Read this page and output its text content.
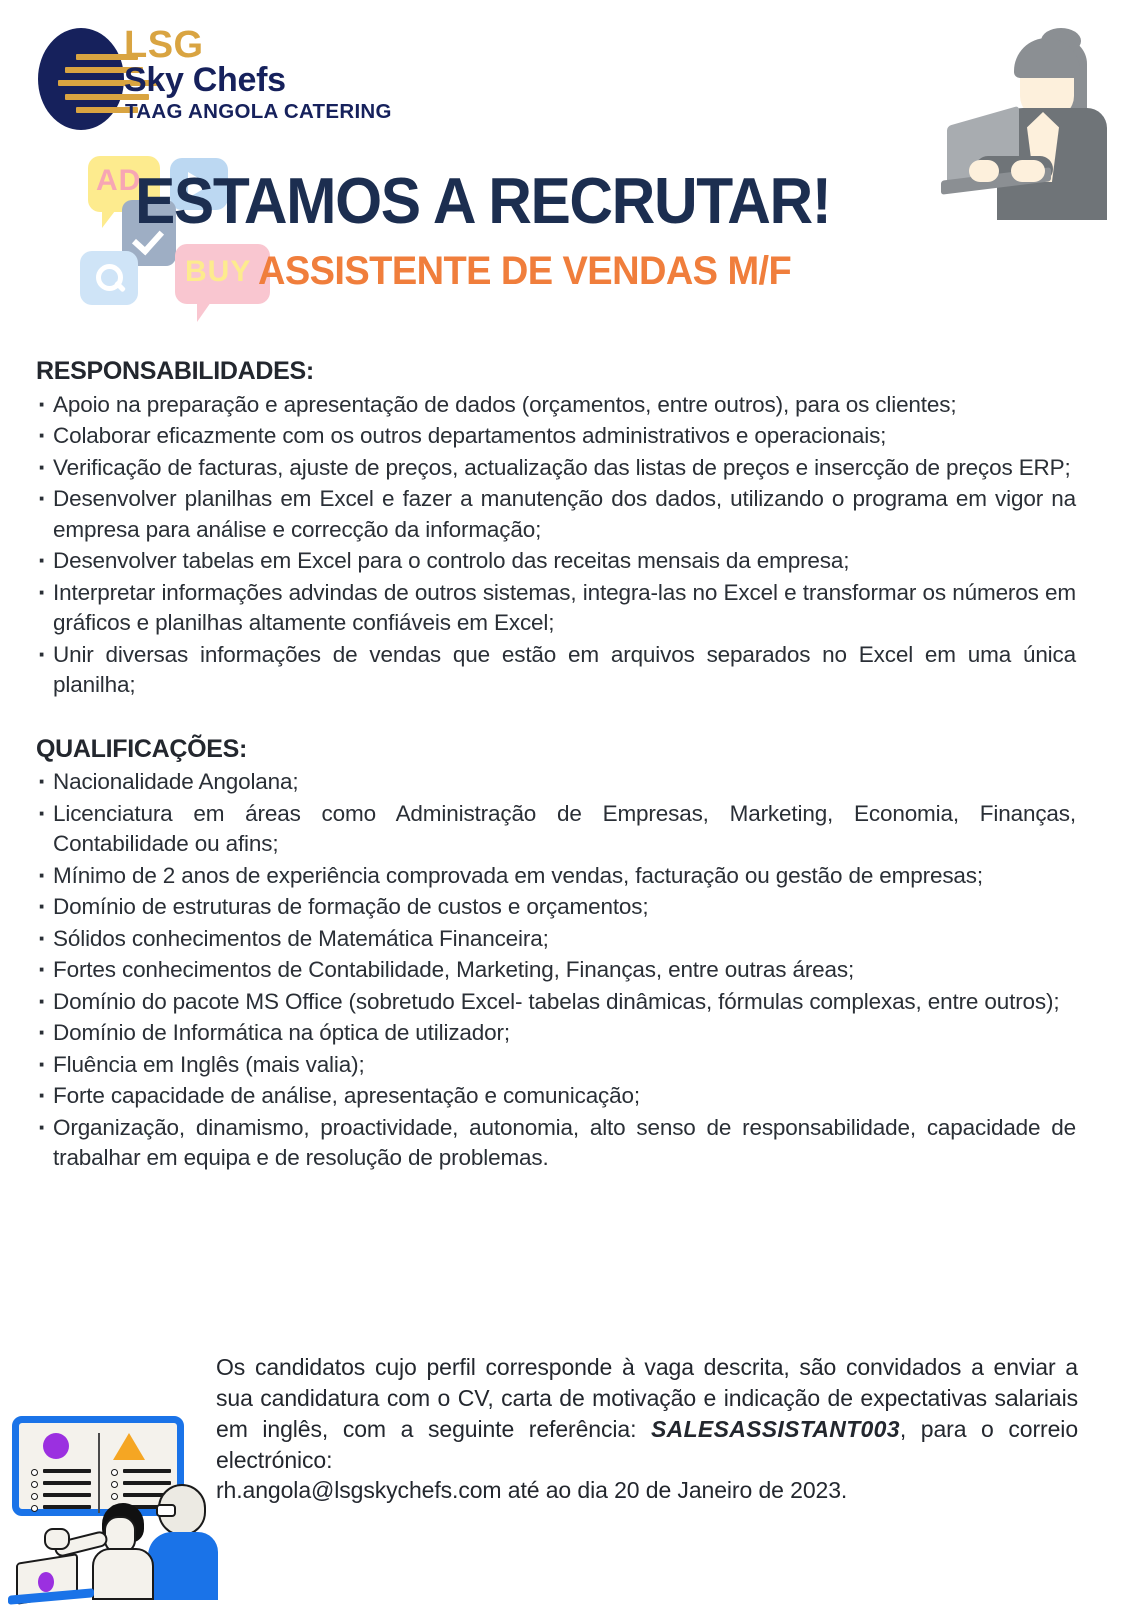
LSG
Sky Chefs
TAAG ANGOLA CATERING
AD
BUY
ESTAMOS A RECRUTAR!
ASSISTENTE DE VENDAS M/F
RESPONSABILIDADES:
· Apoio na preparação e apresentação de dados (orçamentos, entre outros), para os clientes;
· Colaborar eficazmente com os outros departamentos administrativos e operacionais;
· Verificação de facturas, ajuste de preços, actualização das listas de preços e insercção de preços ERP;
· Desenvolver planilhas em Excel e fazer a manutenção dos dados, utilizando o programa em vigor na empresa para análise e correcção da informação;
· Desenvolver tabelas em Excel para o controlo das receitas mensais da empresa;
· Interpretar informações advindas de outros sistemas, integra-las no Excel e transformar os números em gráficos e planilhas altamente confiáveis em Excel;
· Unir diversas informações de vendas que estão em arquivos separados no Excel em uma única planilha;
QUALIFICAÇÕES:
· Nacionalidade Angolana;
· Licenciatura em áreas como Administração de Empresas, Marketing, Economia, Finanças, Contabilidade ou afins;
· Mínimo de 2 anos de experiência comprovada em vendas, facturação ou gestão de empresas;
· Domínio de estruturas de formação de custos e orçamentos;
· Sólidos conhecimentos de Matemática Financeira;
· Fortes conhecimentos de Contabilidade, Marketing, Finanças, entre outras áreas;
· Domínio do pacote MS Office (sobretudo Excel- tabelas dinâmicas, fórmulas complexas, entre outros);
· Domínio de Informática na óptica de utilizador;
· Fluência em Inglês (mais valia);
· Forte capacidade de análise, apresentação e comunicação;
· Organização, dinamismo, proactividade, autonomia, alto senso de responsabilidade, capacidade de trabalhar em equipa e de resolução de problemas.
Os candidatos cujo perfil corresponde à vaga descrita, são convidados a enviar a sua candidatura com o CV, carta de motivação e indicação de expectativas salariais em inglês, com a seguinte referência: SALESASSISTANT003, para o correio electrónico:
rh.angola@lsgskychefs.com até ao dia 20 de Janeiro de 2023.
